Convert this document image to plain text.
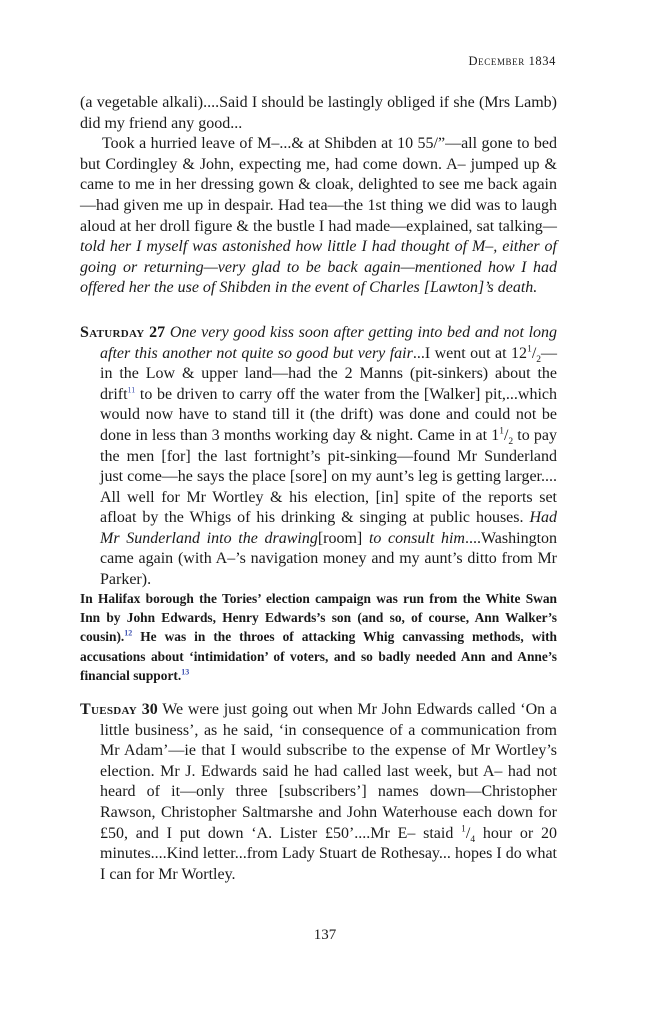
December 1834

(a vegetable alkali)....Said I should be lastingly obliged if she (Mrs Lamb) did my friend any good...

Took a hurried leave of M–...& at Shibden at 10 55/”—all gone to bed but Cordingley & John, expecting me, had come down. A– jumped up & came to me in her dressing gown & cloak, delighted to see me back again—had given me up in despair. Had tea—the 1st thing we did was to laugh aloud at her droll figure & the bustle I had made—explained, sat talking—told her I myself was astonished how little I had thought of M–, either of going or returning—very glad to be back again—mentioned how I had offered her the use of Shibden in the event of Charles [Lawton]’s death.

Saturday 27 One very good kiss soon after getting into bed and not long after this another not quite so good but very fair...I went out at $12^1/_2—in$ the Low & upper land—had the 2 Manns (pit-sinkers) about the drift$^{11}$ to be driven to carry off the water from the [Walker] pit,...which would now have to stand till it (the drift) was done and could not be done in less than 3 months working day & night. Came in at $1^1/_2$ to pay the men [for] the last fortnight’s pit-sinking—found Mr Sunderland just come—he says the place [sore] on my aunt’s leg is getting larger.... All well for Mr Wortley & his election, [in] spite of the reports set afloat by the Whigs of his drinking & singing at public houses. Had Mr Sunderland into the drawing[room] to consult him....Washington came again (with A–’s navigation money and my aunt’s ditto from Mr Parker).

In Halifax borough the Tories’ election campaign was run from the White Swan Inn by John Edwards, Henry Edwards’s son (and so, of course, Ann Walker’s cousin).$^{12}$ He was in the throes of attacking Whig canvassing methods, with accusations about ‘intimidation’ of voters, and so badly needed Ann and Anne’s financial support.$^{13}$

Tuesday 30 We were just going out when Mr John Edwards called ‘On a little business’, as he said, ‘in consequence of a communication from Mr Adam’—ie that I would subscribe to the expense of Mr Wortley’s election. Mr J. Edwards said he had called last week, but A– had not heard of it—only three [subscribers’] names down—Christopher Rawson, Christopher Saltmarshe and John Waterhouse each down for £50, and I put down ‘A. Lister £50’....Mr E– staid $^1/_4$ hour or 20 minutes....Kind letter...from Lady Stuart de Rothesay... hopes I do what I can for Mr Wortley.

137
